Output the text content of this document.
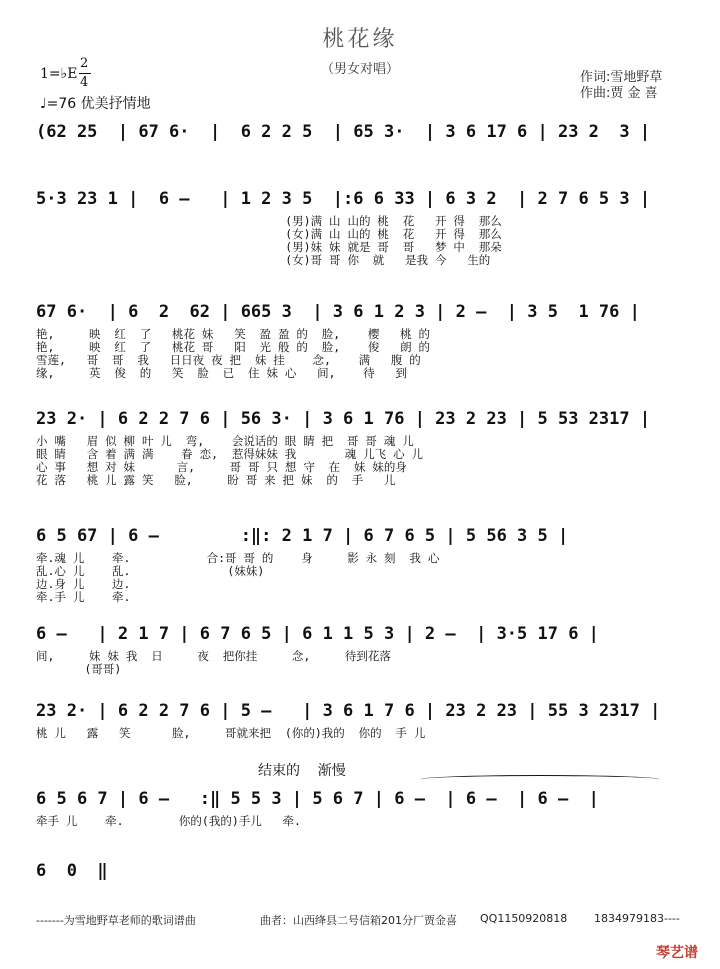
桃花缘
（男女对唱）
1=♭E
2
4
♩=76 优美抒情地
作词:雪地野草
作曲:贾 金 喜
(62 25  | 67 6·  |  6 2 2 5  | 65 3·  | 3 6 17 6 | 23 2  3 |
5·3 23 1 |  6 –   | 1 2 3 5  |:6 6 33 | 6 3 2  | 2 7 6 5 3 |
(男)满 山 山的 桃  花   开 得  那么
(女)满 山 山的 桃  花   开 得  那么
(男)妹 妹 就是 哥  哥   梦 中  那朵
(女)哥 哥 你  就   是我 今   生的
67 6·  | 6  2  62 | 665 3  | 3 6 1 2 3 | 2 –  | 3 5  1 76 |
艳,     映  红  了   桃花 妹   笑  盈 盈 的  脸,    樱   桃 的
艳,     映  红  了   桃花 哥   阳  光 般 的  脸,    俊   朗 的
雪莲,   哥  哥  我   日日夜 夜 把  妹 挂    念,    满   腹 的
缘,     英  俊  的   笑  脸  已  住 妹 心   间,    待   到
23 2· | 6 2 2 7 6 | 56 3· | 3 6 1 76 | 23 2 23 | 5 53 2317 |
小 嘴   眉 似 柳 叶 儿  弯,    会说话的 眼 睛 把  哥 哥 魂 儿
眼 睛   含 着 满 满    眷 恋,  惹得妹妹 我       魂 儿飞 心 儿
心 事   想 对 妹      言,     哥 哥 只 想 守  在  妹 妹的身
花 落   桃 儿 露 笑   脸,     盼 哥 来 把 妹  的  手   儿
6 5 67 | 6 –        :‖: 2 1 7 | 6 7 6 5 | 5 56 3 5 |
牵.魂 儿    牵.           合:哥 哥 的    身     影 永 刻  我 心
乱.心 儿    乱.              (妹妹)
边.身 儿    边.
牵.手 儿    牵.
6 –   | 2 1 7 | 6 7 6 5 | 6 1 1 5 3 | 2 –  | 3·5 17 6 |
间,     妹 妹 我  日     夜  把你挂     念,     待到花落
(哥哥)
23 2· | 6 2 2 7 6 | 5 –   | 3 6 1 7 6 | 23 2 23 | 55 3 2317 |
桃 儿   露   笑      脸,     哥就来把  (你的)我的  你的  手 儿
结束的    渐慢
6 5 6 7 | 6 –   :‖ 5 5 3 | 5 6 7 | 6 –  | 6 –  | 6 –  |
牵手 儿    牵.        你的(我的)手儿   牵.
6  0  ‖
-------为雪地野草老师的歌词谱曲	曲者：山西绛县二号信箱201分厂贾金喜 QQ1150920818 1834979183----
琴艺谱
